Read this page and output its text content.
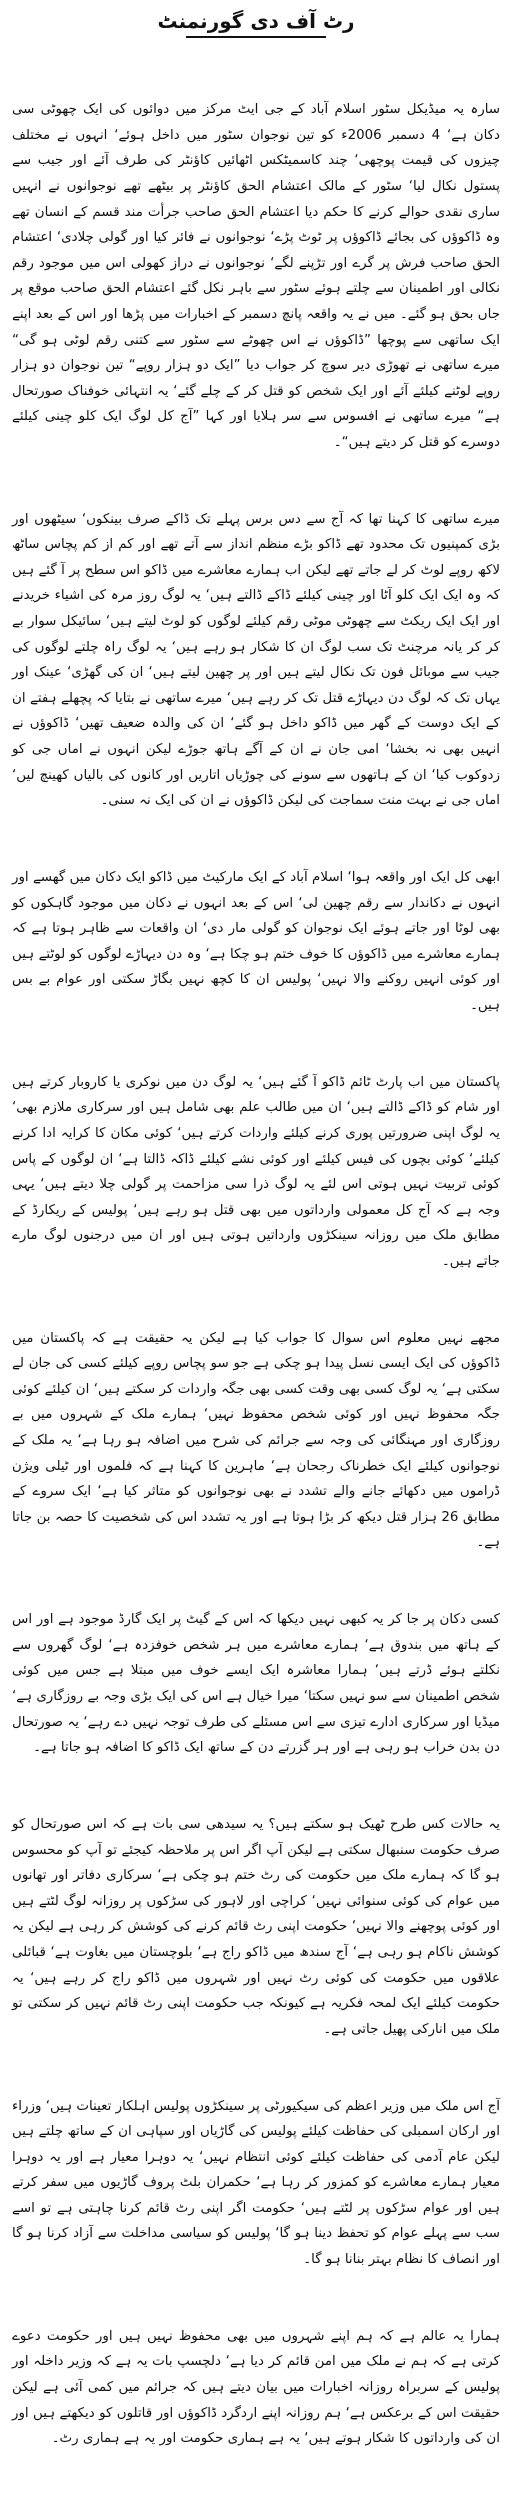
رٹ آف دی گورنمنٹ

سارہ یہ میڈیکل سٹور اسلام آباد کے جی ایٹ مرکز میں دوائوں کی ایک چھوٹی سی دکان ہے‘ 4 دسمبر 2006ء کو تین نوجوان سٹور میں داخل ہوئے‘ انہوں نے مختلف چیزوں کی قیمت پوچھی‘ چند کاسمیٹکس اٹھائیں کاؤنٹر کی طرف آئے اور جیب سے پستول نکال لیا‘ سٹور کے مالک اعتشام الحق کاؤنٹر پر بیٹھے تھے نوجوانوں نے انہیں ساری نقدی حوالے کرنے کا حکم دیا اعتشام الحق صاحب جرأت مند قسم کے انسان تھے وہ ڈاکوؤں کی بجائے ڈاکوؤں پر ٹوٹ پڑے‘ نوجوانوں نے فائر کیا اور گولی چلادی‘ اعتشام الحق صاحب فرش پر گرے اور تڑپنے لگے‘ نوجوانوں نے دراز کھولی اس میں موجود رقم نکالی اور اطمینان سے چلتے ہوئے سٹور سے باہر نکل گئے اعتشام الحق صاحب موقع پر جاں بحق ہو گئے۔ میں نے یہ واقعہ پانچ دسمبر کے اخبارات میں پڑھا اور اس کے بعد اپنے ایک ساتھی سے پوچھا ”ڈاکوؤں نے اس چھوٹے سے سٹور سے کتنی رقم لوٹی ہو گی“ میرے ساتھی نے تھوڑی دیر سوچ کر جواب دیا ”ایک دو ہزار روپے“ تین نوجوان دو ہزار روپے لوٹنے کیلئے آئے اور ایک شخص کو قتل کر کے چلے گئے‘ یہ انتہائی خوفناک صورتحال ہے“ میرے ساتھی نے افسوس سے سر ہلایا اور کہا ”آج کل لوگ ایک کلو چینی کیلئے دوسرے کو قتل کر دیتے ہیں“۔

میرے ساتھی کا کہنا تھا کہ آج سے دس برس پہلے تک ڈاکے صرف بینکوں‘ سیٹھوں اور بڑی کمپنیوں تک محدود تھے ڈاکو بڑے منظم انداز سے آتے تھے اور کم از کم پچاس ساٹھ لاکھ روپے لوٹ کر لے جاتے تھے لیکن اب ہمارے معاشرے میں ڈاکو اس سطح پر آ گئے ہیں کہ وہ ایک ایک کلو آٹا اور چینی کیلئے ڈاکے ڈالتے ہیں‘ یہ لوگ روز مرہ کی اشیاء خریدنے اور ایک ایک ریکٹ سے چھوٹی موٹی رقم کیلئے لوگوں کو لوٹ لیتے ہیں‘ سائیکل سوار بے کر کر یانہ مرچنٹ تک سب لوگ ان کا شکار ہو رہے ہیں‘ یہ لوگ راہ چلتے لوگوں کی جیب سے موبائل فون تک نکال لیتے ہیں اور پر چھین لیتے ہیں‘ ان کی گھڑی‘ عینک اور یہاں تک کہ لوگ دن دیہاڑے قتل تک کر رہے ہیں‘ میرے ساتھی نے بتایا کہ پچھلے ہفتے ان کے ایک دوست کے گھر میں ڈاکو داخل ہو گئے‘ ان کی والدہ ضعیف تھیں‘ ڈاکوؤں نے انہیں بھی نہ بخشا‘ امی جان نے ان کے آگے ہاتھ جوڑے لیکن انہوں نے اماں جی کو زدوکوب کیا‘ ان کے ہاتھوں سے سونے کی چوڑیاں اتاریں اور کانوں کی بالیاں کھینچ لیں‘ اماں جی نے بہت منت سماجت کی لیکن ڈاکوؤں نے ان کی ایک نہ سنی۔

ابھی کل ایک اور واقعہ ہوا‘ اسلام آباد کے ایک مارکیٹ میں ڈاکو ایک دکان میں گھسے اور انہوں نے دکاندار سے رقم چھین لی‘ اس کے بعد انہوں نے دکان میں موجود گاہکوں کو بھی لوٹا اور جاتے ہوئے ایک نوجوان کو گولی مار دی‘ ان واقعات سے ظاہر ہوتا ہے کہ ہمارے معاشرے میں ڈاکوؤں کا خوف ختم ہو چکا ہے‘ وہ دن دیہاڑے لوگوں کو لوٹتے ہیں اور کوئی انہیں روکنے والا نہیں‘ پولیس ان کا کچھ نہیں بگاڑ سکتی اور عوام بے بس ہیں۔

پاکستان میں اب پارٹ ٹائم ڈاکو آ گئے ہیں‘ یہ لوگ دن میں نوکری یا کاروبار کرتے ہیں اور شام کو ڈاکے ڈالتے ہیں‘ ان میں طالب علم بھی شامل ہیں اور سرکاری ملازم بھی‘ یہ لوگ اپنی ضرورتیں پوری کرنے کیلئے واردات کرتے ہیں‘ کوئی مکان کا کرایہ ادا کرنے کیلئے‘ کوئی بچوں کی فیس کیلئے اور کوئی نشے کیلئے ڈاکہ ڈالتا ہے‘ ان لوگوں کے پاس کوئی تربیت نہیں ہوتی اس لئے یہ لوگ ذرا سی مزاحمت پر گولی چلا دیتے ہیں‘ یہی وجہ ہے کہ آج کل معمولی وارداتوں میں بھی قتل ہو رہے ہیں‘ پولیس کے ریکارڈ کے مطابق ملک میں روزانہ سینکڑوں وارداتیں ہوتی ہیں اور ان میں درجنوں لوگ مارے جاتے ہیں۔

مجھے نہیں معلوم اس سوال کا جواب کیا ہے لیکن یہ حقیقت ہے کہ پاکستان میں ڈاکوؤں کی ایک ایسی نسل پیدا ہو چکی ہے جو سو پچاس روپے کیلئے کسی کی جان لے سکتی ہے‘ یہ لوگ کسی بھی وقت کسی بھی جگہ واردات کر سکتے ہیں‘ ان کیلئے کوئی جگہ محفوظ نہیں اور کوئی شخص محفوظ نہیں‘ ہمارے ملک کے شہروں میں بے روزگاری اور مہنگائی کی وجہ سے جرائم کی شرح میں اضافہ ہو رہا ہے‘ یہ ملک کے نوجوانوں کیلئے ایک خطرناک رجحان ہے‘ ماہرین کا کہنا ہے کہ فلموں اور ٹیلی ویژن ڈراموں میں دکھائے جانے والے تشدد نے بھی نوجوانوں کو متاثر کیا ہے‘ ایک سروے کے مطابق 26 ہزار قتل دیکھ کر بڑا ہوتا ہے اور یہ تشدد اس کی شخصیت کا حصہ بن جاتا ہے۔

کسی دکان پر جا کر یہ کبھی نہیں دیکھا کہ اس کے گیٹ پر ایک گارڈ موجود ہے اور اس کے ہاتھ میں بندوق ہے‘ ہمارے معاشرے میں ہر شخص خوفزدہ ہے‘ لوگ گھروں سے نکلتے ہوئے ڈرتے ہیں‘ ہمارا معاشرہ ایک ایسے خوف میں مبتلا ہے جس میں کوئی شخص اطمینان سے سو نہیں سکتا‘ میرا خیال ہے اس کی ایک بڑی وجہ بے روزگاری ہے‘ میڈیا اور سرکاری ادارے تیزی سے اس مسئلے کی طرف توجہ نہیں دے رہے‘ یہ صورتحال دن بدن خراب ہو رہی ہے اور ہر گزرتے دن کے ساتھ ایک ڈاکو کا اضافہ ہو جاتا ہے۔

یہ حالات کس طرح ٹھیک ہو سکتے ہیں؟ یہ سیدھی سی بات ہے کہ اس صورتحال کو صرف حکومت سنبھال سکتی ہے لیکن آپ اگر اس پر ملاحظہ کیجئے تو آپ کو محسوس ہو گا کہ ہمارے ملک میں حکومت کی رٹ ختم ہو چکی ہے‘ سرکاری دفاتر اور تھانوں میں عوام کی کوئی سنوائی نہیں‘ کراچی اور لاہور کی سڑکوں پر روزانہ لوگ لٹتے ہیں اور کوئی پوچھنے والا نہیں‘ حکومت اپنی رٹ قائم کرنے کی کوشش کر رہی ہے لیکن یہ کوشش ناکام ہو رہی ہے‘ آج سندھ میں ڈاکو راج ہے‘ بلوچستان میں بغاوت ہے‘ قبائلی علاقوں میں حکومت کی کوئی رٹ نہیں اور شہروں میں ڈاکو راج کر رہے ہیں‘ یہ حکومت کیلئے ایک لمحہ فکریہ ہے کیونکہ جب حکومت اپنی رٹ قائم نہیں کر سکتی تو ملک میں انارکی پھیل جاتی ہے۔

آج اس ملک میں وزیر اعظم کی سیکیورٹی پر سینکڑوں پولیس اہلکار تعینات ہیں‘ وزراء اور ارکان اسمبلی کی حفاظت کیلئے پولیس کی گاڑیاں اور سپاہی ان کے ساتھ چلتے ہیں لیکن عام آدمی کی حفاظت کیلئے کوئی انتظام نہیں‘ یہ دوہرا معیار ہے اور یہ دوہرا معیار ہمارے معاشرے کو کمزور کر رہا ہے‘ حکمران بلٹ پروف گاڑیوں میں سفر کرتے ہیں اور عوام سڑکوں پر لٹتے ہیں‘ حکومت اگر اپنی رٹ قائم کرنا چاہتی ہے تو اسے سب سے پہلے عوام کو تحفظ دینا ہو گا‘ پولیس کو سیاسی مداخلت سے آزاد کرنا ہو گا اور انصاف کا نظام بہتر بنانا ہو گا۔

ہمارا یہ عالم ہے کہ ہم اپنے شہروں میں بھی محفوظ نہیں ہیں اور حکومت دعوے کرتی ہے کہ ہم نے ملک میں امن قائم کر دیا ہے‘ دلچسپ بات یہ ہے کہ وزیر داخلہ اور پولیس کے سربراہ روزانہ اخبارات میں بیان دیتے ہیں کہ جرائم میں کمی آئی ہے لیکن حقیقت اس کے برعکس ہے‘ ہم روزانہ اپنے اردگرد ڈاکوؤں اور قاتلوں کو دیکھتے ہیں اور ان کی وارداتوں کا شکار ہوتے ہیں‘ یہ ہے ہماری حکومت اور یہ ہے ہماری رٹ۔
